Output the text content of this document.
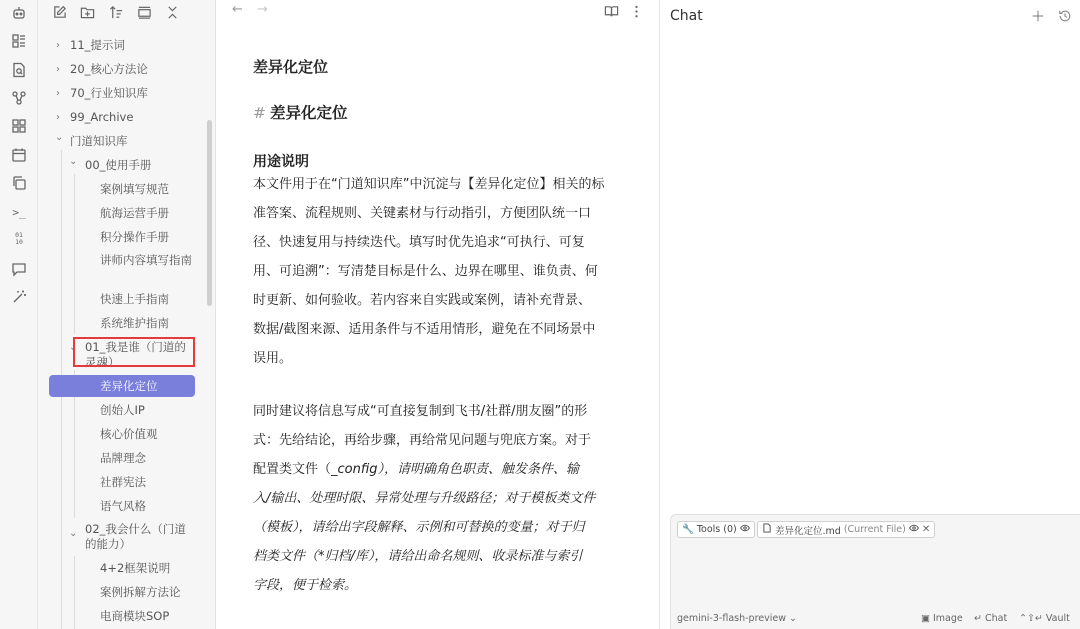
>_
01
10
› 11_提示词
› 20_核心方法论
› 70_行业知识库
› 99_Archive
⌄ 门道知识库
⌄ 00_使用手册
案例填写规范
航海运营手册
积分操作手册
讲师内容填写指南
快速上手指南
系统维护指南
⌄ 01_我是谁（门道的灵魂）
差异化定位
创始人IP
核心价值观
品牌理念
社群宪法
语气风格
⌄ 02_我会什么（门道的能力）
4+2框架说明
案例拆解方法论
电商模块SOP
← →
差异化定位
# 差异化定位
用途说明
本文件用于在“门道知识库”中沉淀与【差异化定位】相关的标
准答案、流程规则、关键素材与行动指引，方便团队统一口
径、快速复用与持续迭代。填写时优先追求“可执行、可复
用、可追溯”：写清楚目标是什么、边界在哪里、谁负责、何
时更新、如何验收。若内容来自实践或案例，请补充背景、
数据/截图来源、适用条件与不适用情形，避免在不同场景中
误用。
同时建议将信息写成“可直接复制到飞书/社群/朋友圈”的形
式：先给结论，再给步骤，再给常见问题与兜底方案。对于
配置类文件（_config），请明确角色职责、触发条件、输
入/输出、处理时限、异常处理与升级路径；对于模板类文件
（模板），请给出字段解释、示例和可替换的变量；对于归
档类文件（*归档/库），请给出命名规则、收录标准与索引
字段，便于检索。
Chat
🔧 Tools (0)	差异化定位.md (Current File) ✕
gemini-3-flash-preview ⌄	▣ Image ↵ Chat ⌃⇧↵ Vault
